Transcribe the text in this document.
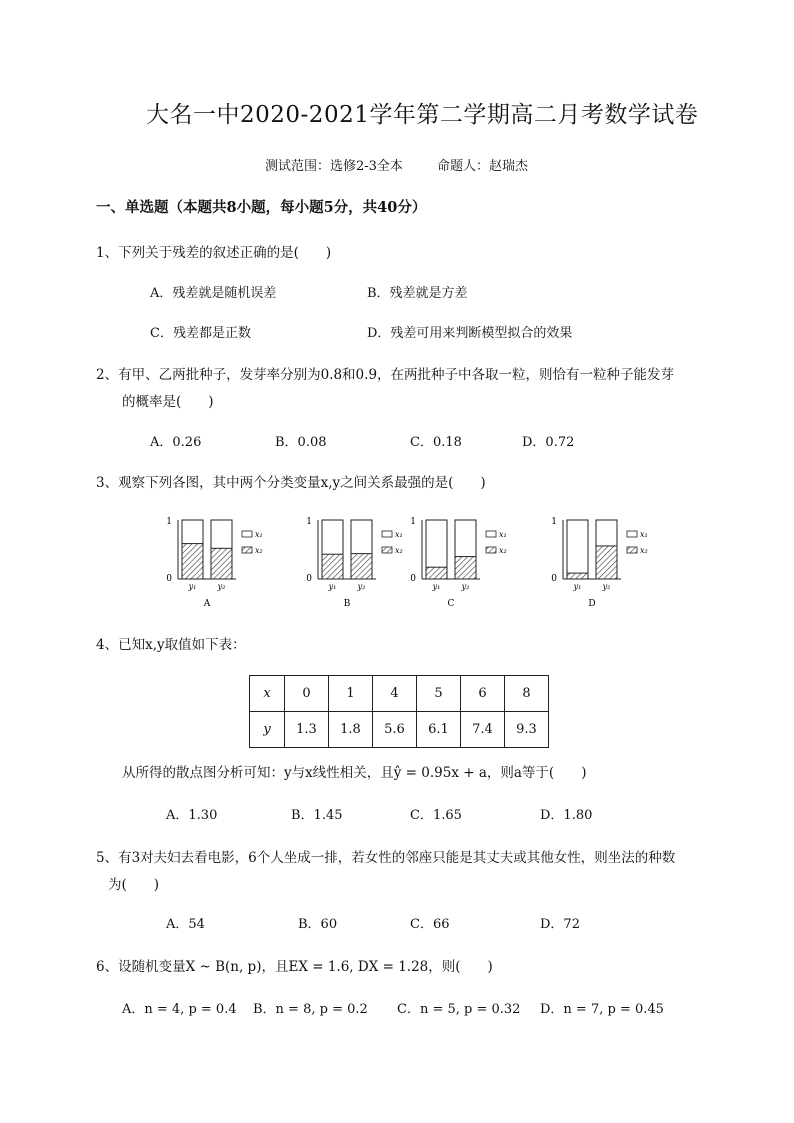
大名一中2020-2021学年第二学期高二月考数学试卷
测试范围：选修2-3全本	命题人：赵瑞杰
一、单选题（本题共8小题，每小题5分，共40分）
1、下列关于残差的叙述正确的是(　　)
A．残差就是随机误差	B．残差就是方差
C．残差都是正数	D．残差可用来判断模型拟合的效果
2、有甲、乙两批种子，发芽率分别为0.8和0.9，在两批种子中各取一粒，则恰有一粒种子能发芽
的概率是(　　)
A．0.26	B．0.08	C．0.18	D．0.72
3、观察下列各图，其中两个分类变量x,y之间关系最强的是(　　)
1
0
y₁	y₂
x₁
x₂
A
1
0
y₁	y₂
x₁
x₂
B
1
0
y₁	y₂
x₁
x₂
C
1
0
y₁	y₂
x₁
x₂
D
4、已知x,y取值如下表：
x	0	1	4	5	6	8
y	1.3	1.8	5.6	6.1	7.4	9.3
从所得的散点图分析可知：y与x线性相关，且ŷ = 0.95x + a，则a等于(　　)
A．1.30	B．1.45	C．1.65	D．1.80
5、有3对夫妇去看电影，6个人坐成一排，若女性的邻座只能是其丈夫或其他女性，则坐法的种数
为(　　)
A．54	B．60	C．66	D．72
6、设随机变量X ~ B(n, p)，且EX = 1.6, DX = 1.28，则(　　)
A．n = 4, p = 0.4 B．n = 8, p = 0.2 C．n = 5, p = 0.32 D．n = 7, p = 0.45
